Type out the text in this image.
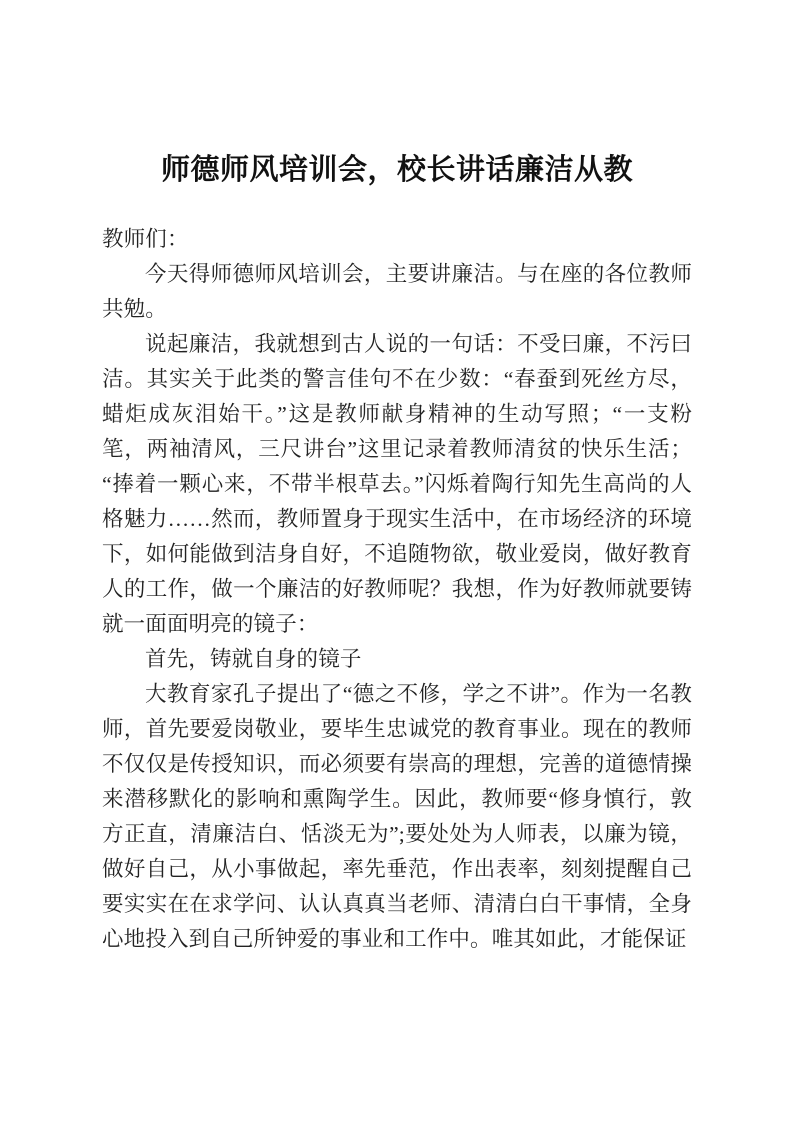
师德师风培训会，校长讲话廉洁从教

教师们：

今天得师德师风培训会，主要讲廉洁。与在座的各位教师共勉。

说起廉洁，我就想到古人说的一句话：不受曰廉，不污曰洁。其实关于此类的警言佳句不在少数：“春蚕到死丝方尽，蜡炬成灰泪始干。”这是教师献身精神的生动写照；“一支粉笔，两袖清风，三尺讲台”这里记录着教师清贫的快乐生活；“捧着一颗心来，不带半根草去。”闪烁着陶行知先生高尚的人格魅力……然而，教师置身于现实生活中，在市场经济的环境下，如何能做到洁身自好，不追随物欲，敬业爱岗，做好教育人的工作，做一个廉洁的好教师呢？我想，作为好教师就要铸就一面面明亮的镜子：

首先，铸就自身的镜子

大教育家孔子提出了“德之不修，学之不讲”。作为一名教师，首先要爱岗敬业，要毕生忠诚党的教育事业。现在的教师不仅仅是传授知识，而必须要有崇高的理想，完善的道德情操来潜移默化的影响和熏陶学生。因此，教师要“修身慎行，敦方正直，清廉洁白、恬淡无为”;要处处为人师表，以廉为镜，做好自己，从小事做起，率先垂范，作出表率，刻刻提醒自己要实实在在求学问、认认真真当老师、清清白白干事情，全身心地投入到自己所钟爱的事业和工作中。唯其如此，才能保证
